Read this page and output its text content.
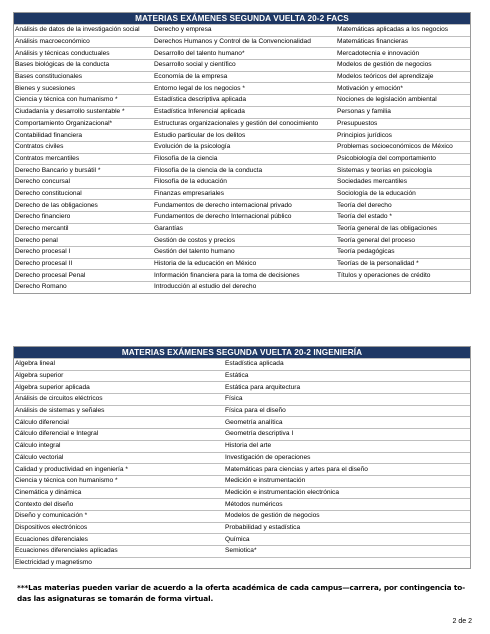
MATERIAS EXÁMENES SEGUNDA VUELTA 20-2 FACS
Análisis de datos de la investigación social	Derecho y empresa	Matemáticas aplicadas a los negocios
Análisis macroeconómico	Derechos Humanos y Control de la Convencionalidad	Matemáticas financieras
Análisis y técnicas conductuales	Desarrollo del talento humano*	Mercadotecnia e innovación
Bases biológicas de la conducta	Desarrollo social y científico	Modelos de gestión de negocios
Bases constitucionales	Economía de la empresa	Modelos teóricos del aprendizaje
Bienes y sucesiones	Entorno legal de los negocios *	Motivación y emoción*
Ciencia y técnica con humanismo *	Estadística descriptiva aplicada	Nociones de legislación ambiental
Ciudadanía y desarrollo sustentable *	Estadística Inferencial aplicada	Personas y familia
Comportamiento Organizacional*	Estructuras organizacionales y gestión del conocimiento	Presupuestos
Contabilidad financiera	Estudio particular de los delitos	Principios jurídicos
Contratos civiles	Evolución de la psicología	Problemas socioeconómicos de México
Contratos mercantiles	Filosofía de la ciencia	Psicobiología del comportamiento
Derecho Bancario y bursátil *	Filosofía de la ciencia de la conducta	Sistemas y teorías en psicología
Derecho concursal	Filosofía de la educación	Sociedades mercantiles
Derecho constitucional	Finanzas empresariales	Sociología de la educación
Derecho de las obligaciones	Fundamentos de derecho internacional privado	Teoría del derecho
Derecho financiero	Fundamentos de derecho Internacional público	Teoría del estado *
Derecho mercantil	Garantías	Teoría general de las obligaciones
Derecho penal	Gestión de costos y precios	Teoría general del proceso
Derecho procesal I	Gestión del talento humano	Teoría pedagógicas
Derecho procesal II	Historia de la educación en México	Teorías de la personalidad *
Derecho procesal Penal	Información financiera para la toma de decisiones	Títulos y operaciones de crédito
Derecho Romano	Introducción al estudio del derecho
MATERIAS EXÁMENES SEGUNDA VUELTA 20-2 INGENIERÍA
Algebra lineal	Estadística aplicada
Algebra superior	Estática
Algebra superior aplicada	Estática para arquitectura
Análisis de circuitos eléctricos	Física
Análisis de sistemas y señales	Física para el diseño
Cálculo diferencial	Geometría analítica
Cálculo diferencial e Integral	Geometría descriptiva I
Cálculo integral	Historia del arte
Cálculo vectorial	Investigación de operaciones
Calidad y productividad en ingeniería *	Matemáticas para ciencias y artes para el diseño
Ciencia y técnica con humanismo *	Medición e instrumentación
Cinemática y dinámica	Medición e instrumentación electrónica
Contexto del diseño	Métodos numéricos
Diseño y comunicación *	Modelos de gestión de negocios
Dispositivos electrónicos	Probabilidad y estadística
Ecuaciones diferenciales	Química
Ecuaciones diferenciales aplicadas	Semiotica*
Electricidad y magnetismo
***Las materias pueden variar de acuerdo a la oferta académica de cada campus—carrera, por contingencia to-das las asignaturas se tomarán de forma virtual.
2 de 2
